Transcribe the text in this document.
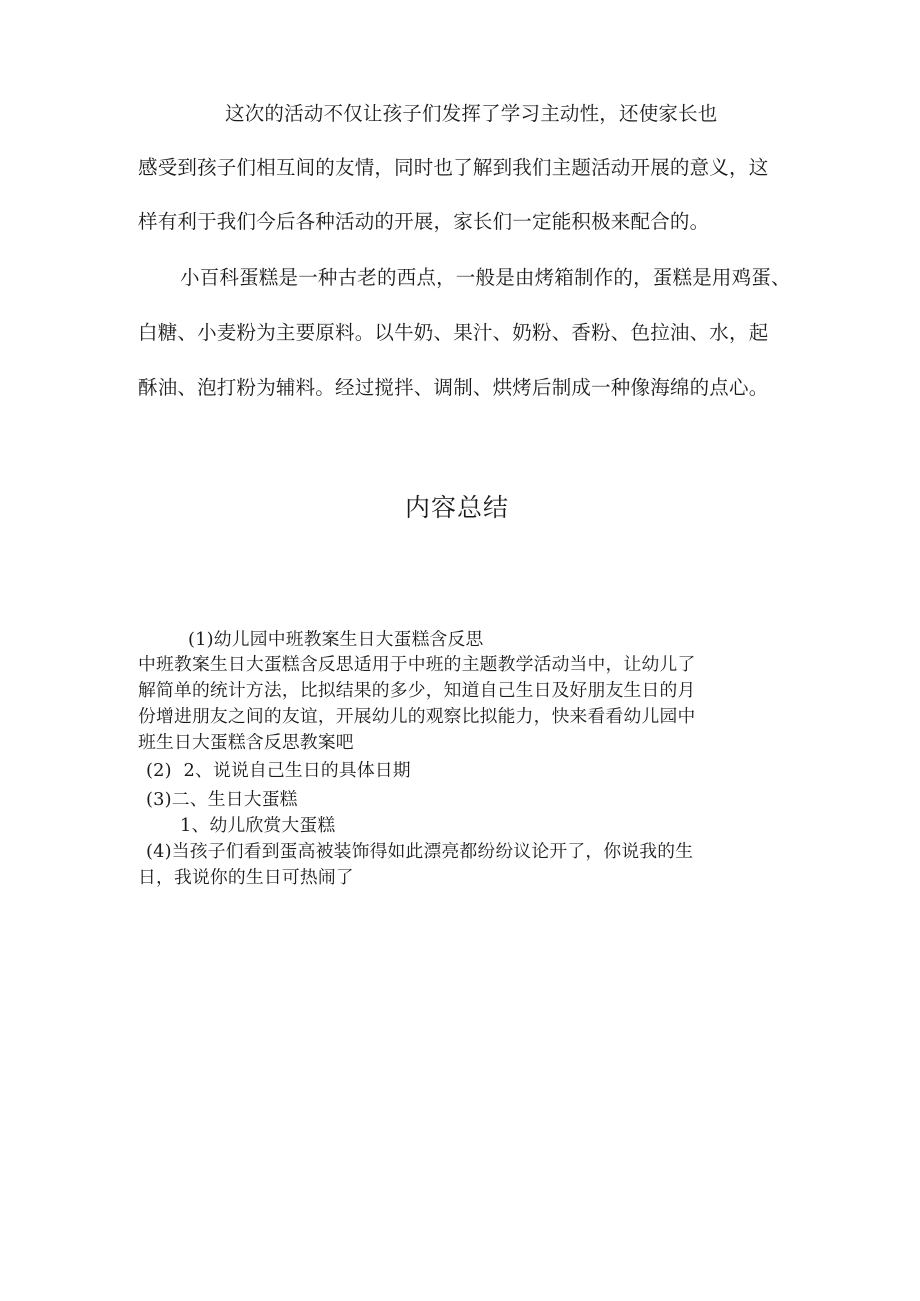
这次的活动不仅让孩子们发挥了学习主动性，还使家长也

感受到孩子们相互间的友情，同时也了解到我们主题活动开展的意义，这

样有利于我们今后各种活动的开展，家长们一定能积极来配合的。

小百科蛋糕是一种古老的西点，一般是由烤箱制作的，蛋糕是用鸡蛋、

白糖、小麦粉为主要原料。以牛奶、果汁、奶粉、香粉、色拉油、水，起

酥油、泡打粉为辅料。经过搅拌、调制、烘烤后制成一种像海绵的点心。

内容总结

(1)幼儿园中班教案生日大蛋糕含反思

中班教案生日大蛋糕含反思适用于中班的主题教学活动当中，让幼儿了

解简单的统计方法，比拟结果的多少，知道自己生日及好朋友生日的月

份增进朋友之间的友谊，开展幼儿的观察比拟能力，快来看看幼儿园中

班生日大蛋糕含反思教案吧

(2)  2、说说自己生日的具体日期

(3)二、生日大蛋糕

1、幼儿欣赏大蛋糕

(4)当孩子们看到蛋高被装饰得如此漂亮都纷纷议论开了，你说我的生

日，我说你的生日可热闹了
